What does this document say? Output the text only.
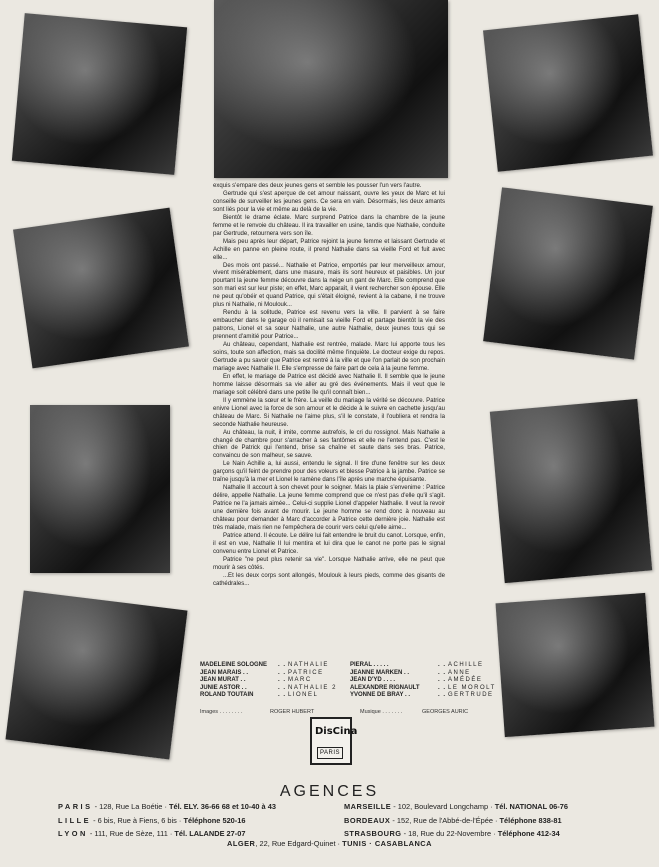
exquis s'empare des deux jeunes gens et semble les pousser l'un vers l'autre.

Gertrude qui s'est aperçue de cet amour naissant, ouvre les yeux de Marc et lui conseille de surveiller les jeunes gens. Ce sera en vain. Désormais, les deux amants sont liés pour la vie et même au delà de la vie.

Bientôt le drame éclate. Marc surprend Patrice dans la chambre de la jeune femme et le renvoie du château. Il ira travailler en usine, tandis que Nathalie, conduite par Gertrude, retournera vers son île.

Mais peu après leur départ, Patrice rejoint la jeune femme et laissant Gertrude et Achille en panne en pleine route, il prend Nathalie dans sa vieille Ford et fuit avec elle...

Des mois ont passé... Nathalie et Patrice, emportés par leur merveilleux amour, vivent misérablement, dans une masure, mais ils sont heureux et paisibles. Un jour pourtant la jeune femme découvre dans la neige un gant de Marc. Elle comprend que son mari est sur leur piste; en effet, Marc apparaît, il vient rechercher son épouse. Elle ne peut qu'obéir et quand Patrice, qui s'était éloigné, revient à la cabane, il ne trouve plus ni Nathalie, ni Moulouk...

Rendu à la solitude, Patrice est revenu vers la ville. Il parvient à se faire embaucher dans le garage où il remisait sa vieille Ford et partage bientôt la vie des patrons, Lionel et sa sœur Nathalie, une autre Nathalie, deux jeunes tous qui se prennent d'amitié pour Patrice...

Au château, cependant, Nathalie est rentrée, malade. Marc lui apporte tous les soins, toute son affection, mais sa docilité même l'inquiète. Le docteur exige du repos. Gertrude a pu savoir que Patrice est rentré à la ville et que l'on parlait de son prochain mariage avec Nathalie II. Elle s'empresse de faire part de cela à la jeune femme.

En effet, le mariage de Patrice est décidé avec Nathalie II. Il semble que le jeune homme laisse désormais sa vie aller au gré des événements. Mais il veut que le mariage soit célébré dans une petite île qu'il connaît bien...

Il y emmène la sœur et le frère. La veille du mariage la vérité se découvre. Patrice enivre Lionel avec la force de son amour et le décide à le suivre en cachette jusqu'au château de Marc. Si Nathalie ne l'aime plus, s'il le constate, il l'oubliera et rendra la seconde Nathalie heureuse.

Au château, la nuit, il imite, comme autrefois, le cri du rossignol. Mais Nathalie a changé de chambre pour s'arracher à ses fantômes et elle ne l'entend pas. C'est le chien de Patrick qui l'entend, brise sa chaîne et saute dans ses bras. Patrice, convaincu de son malheur, se sauve.

Le Nain Achille a, lui aussi, entendu le signal. Il tire d'une fenêtre sur les deux garçons qu'il feint de prendre pour des voleurs et blesse Patrice à la jambe. Patrice se traîne jusqu'à la mer et Lionel le ramène dans l'île après une marche épuisante.

Nathalie II accourt à son chevet pour le soigner. Mais la plaie s'envenime : Patrice délire, appelle Nathalie. La jeune femme comprend que ce n'est pas d'elle qu'il s'agit. Patrice ne l'a jamais aimée... Celui-ci supplie Lionel d'appeler Nathalie. Il veut la revoir une dernière fois avant de mourir. Le jeune homme se rend donc à nouveau au château pour demander à Marc d'accorder à Patrice cette dernière joie. Nathalie est très malade, mais rien ne l'empêchera de courir vers celui qu'elle aime...

Patrice attend. Il écoute. Le délire lui fait entendre le bruit du canot. Lorsque, enfin, il est en vue, Nathalie II lui mentira et lui dira que le canot ne porte pas le signal convenu entre Lionel et Patrice.

Patrice "ne peut plus retenir sa vie". Lorsque Nathalie arrive, elle ne peut que mourir à ses côtés.

...Et les deux corps sont allongés, Moulouk à leurs pieds, comme des gisants de cathédrales...

MADELEINE SOLOGNE	. . NATHALIE
JEAN MARAIS . .	. . PATRICE
JEAN MURAT . .	. . MARC
JUNIE ASTOR . .	. . NATHALIE 2
ROLAND TOUTAIN	. . LIONEL
PIERAL . . . . .	. . ACHILLE
JEANNE MARKEN . .	. . ANNE
JEAN D'YD . . . .	. . AMÉDÉE
ALEXANDRE RIGNAULT	. . LE MOROLT
YVONNE DE BRAY . .	. . GERTRUDE
Images . . . . . . . .	ROGER HUBERT	Musique . . . . . . .	GEORGES AURIC
DisCina
PARIS
AGENCES
PARIS - 128, Rue La Boétie · Tél. ELY. 36-66 68 et 10-40 à 43
LILLE - 6 bis, Rue à Fiens, 6 bis · Téléphone 520-16
LYON - 111, Rue de Sèze, 111 · Tél. LALANDE 27-07
MARSEILLE - 102, Boulevard Longchamp · Tél. NATIONAL 06-76
BORDEAUX - 152, Rue de l'Abbé-de-l'Épée · Téléphone 838-81
STRASBOURG - 18, Rue du 22-Novembre · Téléphone 412-34
ALGER, 22, Rue Edgard-Quinet · TUNIS · CASABLANCA
